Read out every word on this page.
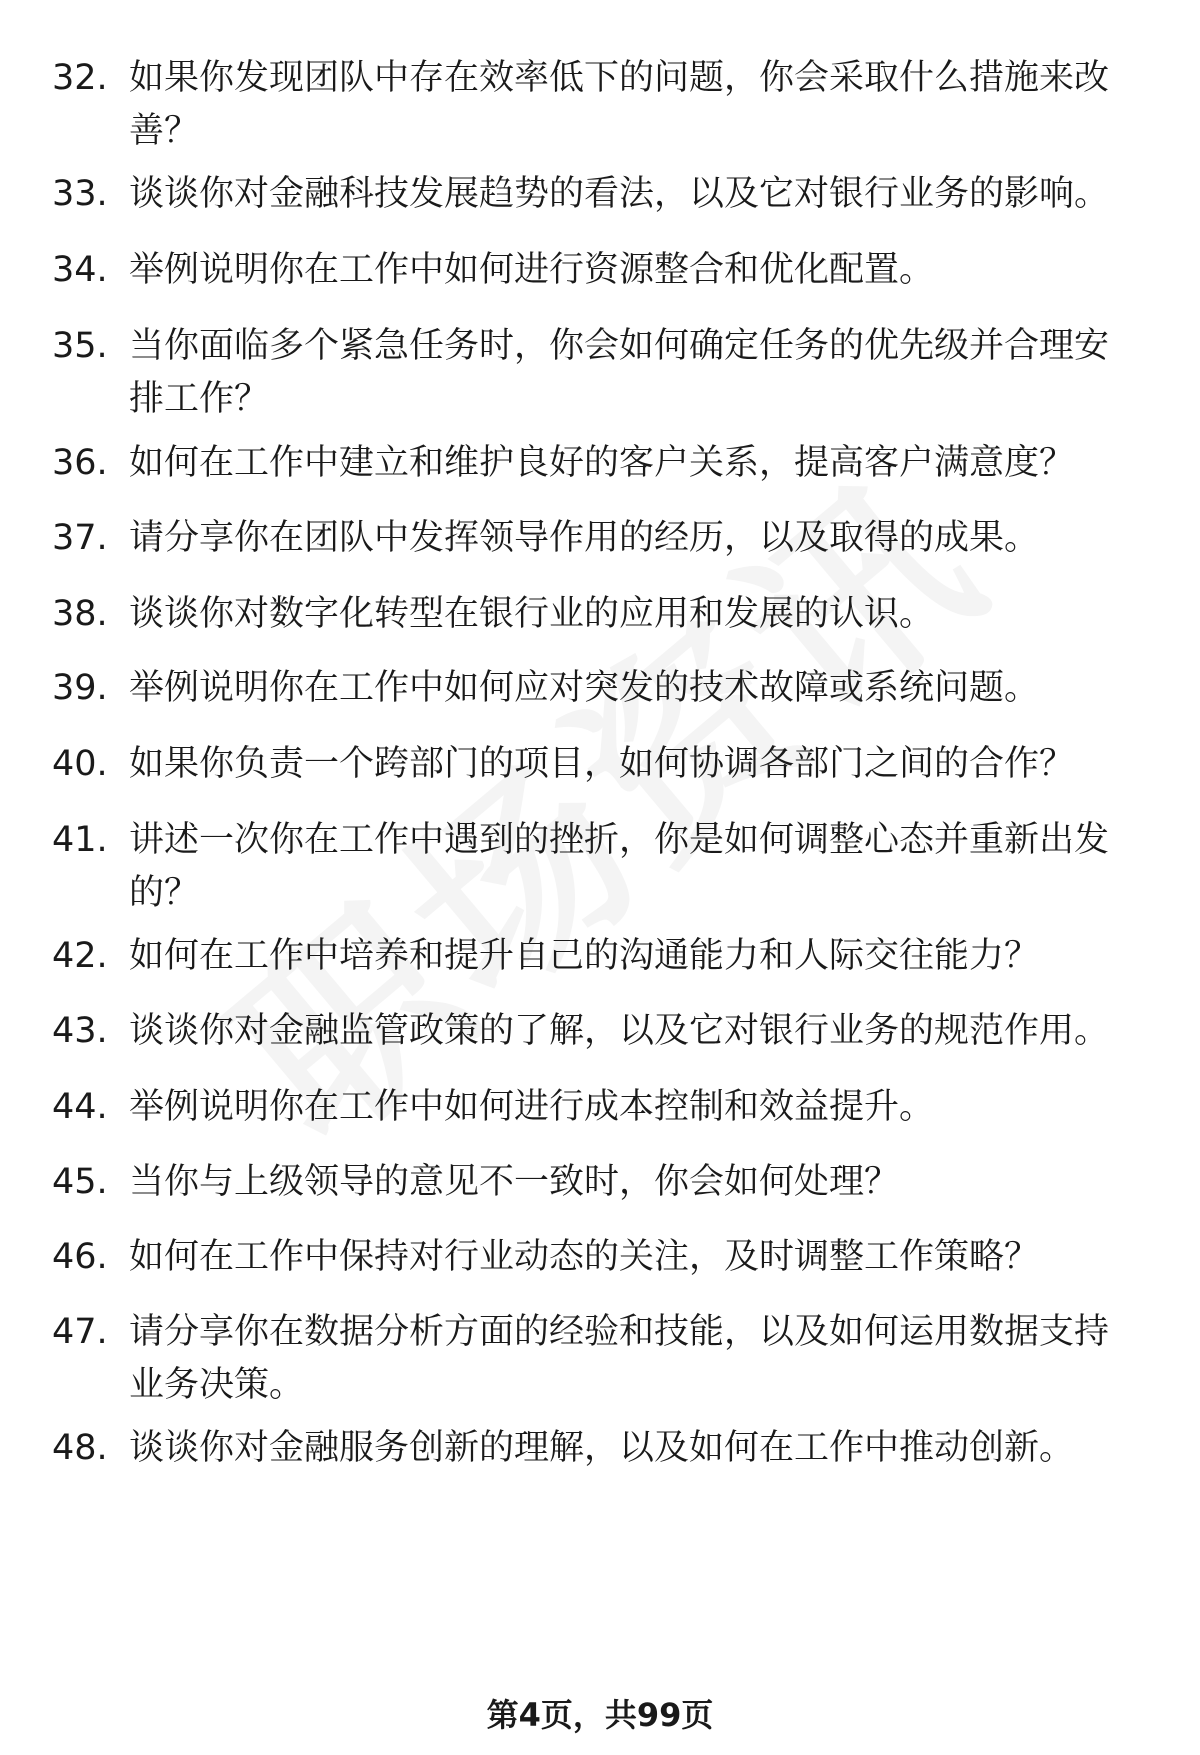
32. 如果你发现团队中存在效率低下的问题，你会采取什么措施来改
善？
33. 谈谈你对金融科技发展趋势的看法，以及它对银行业务的影响。
34. 举例说明你在工作中如何进行资源整合和优化配置。
35. 当你面临多个紧急任务时，你会如何确定任务的优先级并合理安
排工作？
36. 如何在工作中建立和维护良好的客户关系，提高客户满意度？
37. 请分享你在团队中发挥领导作用的经历，以及取得的成果。
38. 谈谈你对数字化转型在银行业的应用和发展的认识。
39. 举例说明你在工作中如何应对突发的技术故障或系统问题。
40. 如果你负责一个跨部门的项目，如何协调各部门之间的合作？
41. 讲述一次你在工作中遇到的挫折，你是如何调整心态并重新出发
的？
42. 如何在工作中培养和提升自己的沟通能力和人际交往能力？
43. 谈谈你对金融监管政策的了解，以及它对银行业务的规范作用。
44. 举例说明你在工作中如何进行成本控制和效益提升。
45. 当你与上级领导的意见不一致时，你会如何处理？
46. 如何在工作中保持对行业动态的关注，及时调整工作策略？
47. 请分享你在数据分析方面的经验和技能，以及如何运用数据支持
业务决策。
48. 谈谈你对金融服务创新的理解，以及如何在工作中推动创新。
第4页，共99页
